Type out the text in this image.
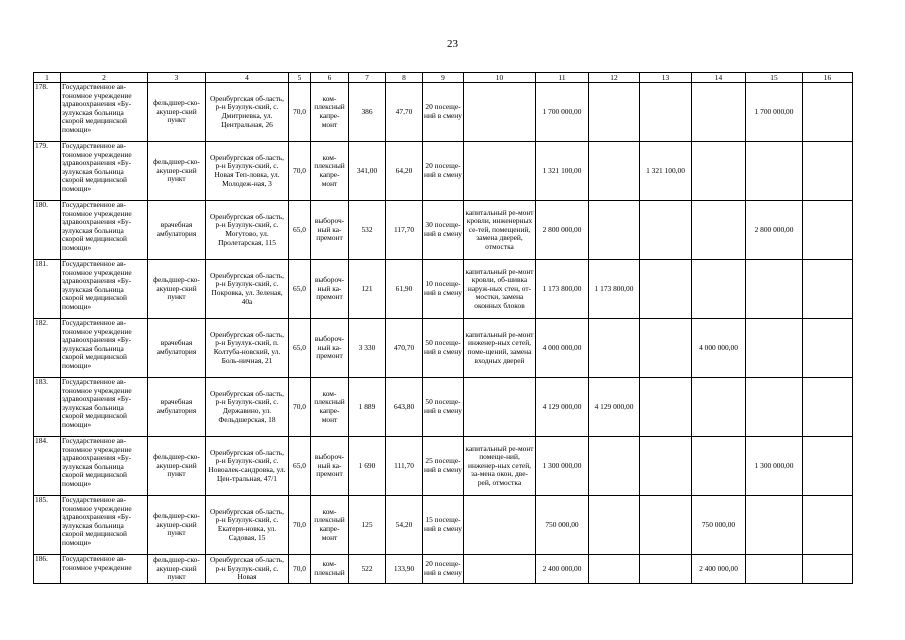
23
1	2	3	4	5	6	7	8	9	10	11	12	13	14	15	16
178.	Государственное ав-тономное учреждение здравоохранения «Бу-зулукская больница скорой медицинской помощи»	фельдшер-ско-акушер-ский пункт	Оренбургская об-ласть, р-н Бузулук-ский, с. Дмитриевка, ул. Центральная, 26	70,0	ком-плексный капре-монт	386	47,70	20 посеще-ний в смену		1 700 000,00				1 700 000,00	
179.	Государственное ав-тономное учреждение здравоохранения «Бу-зулукская больница скорой медицинской помощи»	фельдшер-ско-акушер-ский пункт	Оренбургская об-ласть, р-н Бузулук-ский, с. Новая Теп-ловка, ул. Молодеж-ная, 3	70,0	ком-плексный капре-монт	341,00	64,20	20 посеще-ний в смену		1 321 100,00		1 321 100,00			
180.	Государственное ав-тономное учреждение здравоохранения «Бу-зулукская больница скорой медицинской помощи»	врачебная амбулатория	Оренбургская об-ласть, р-н Бузулук-ский, с. Могутово, ул. Пролетарская, 115	65,0	выбороч-ный ка-премонт	532	117,70	30 посеще-ний в смену	капитальный ре-монт кровли, инженерных се-тей, помещений, замена дверей, отмостка	2 800 000,00				2 800 000,00	
181.	Государственное ав-тономное учреждение здравоохранения «Бу-зулукская больница скорой медицинской помощи»	фельдшер-ско-акушер-ский пункт	Оренбургская об-ласть, р-н Бузулук-ский, с. Покровка, ул. Зеленая, 40а	65,0	выбороч-ный ка-премонт	121	61,90	10 посеще-ний в смену	капитальный ре-монт кровли, об-шивка наруж-ных стен, от-мостки, замена оконных блоков	1 173 800,00	1 173 800,00				
182.	Государственное ав-тономное учреждение здравоохранения «Бу-зулукская больница скорой медицинской помощи»	врачебная амбулатория	Оренбургская об-ласть, р-н Бузулук-ский, п. Колтуба-новский, ул. Боль-ничная, 21	65,0	выбороч-ный ка-премонт	3 330	470,70	50 посеще-ний в смену	капитальный ре-монт инженер-ных сетей, поме-щений, замена входных дверей	4 000 000,00			4 000 000,00		
183.	Государственное ав-тономное учреждение здравоохранения «Бу-зулукская больница скорой медицинской помощи»	врачебная амбулатория	Оренбургская об-ласть, р-н Бузулук-ский, с. Державино, ул. Фельдшерская, 18	70,0	ком-плексный капре-монт	1 889	643,80	50 посеще-ний в смену		4 129 000,00	4 129 000,00				
184.	Государственное ав-тономное учреждение здравоохранения «Бу-зулукская больница скорой медицинской помощи»	фельдшер-ско-акушер-ский пункт	Оренбургская об-ласть, р-н Бузулук-ский, с. Новоалек-сандровка, ул. Цен-тральная, 47/1	65,0	выбороч-ный ка-премонт	1 690	111,70	25 посеще-ний в смену	капитальный ре-монт помеще-ний, инженер-ных сетей, за-мена окон, две-рей, отмостка	1 300 000,00				1 300 000,00	
185.	Государственное ав-тономное учреждение здравоохранения «Бу-зулукская больница скорой медицинской помощи»	фельдшер-ско-акушер-ский пункт	Оренбургская об-ласть, р-н Бузулук-ский, с. Екатери-новка, ул. Садовая, 15	70,0	ком-плексный капре-монт	125	54,20	15 посеще-ний в смену		750 000,00			750 000,00		
186.	Государственное ав-тономное учреждение	фельдшер-ско-акушер-ский пункт	Оренбургская об-ласть, р-н Бузулук-ский, с. Новая	70,0	ком-плексный	522	133,90	20 посеще-ний в смену		2 400 000,00			2 400 000,00		
